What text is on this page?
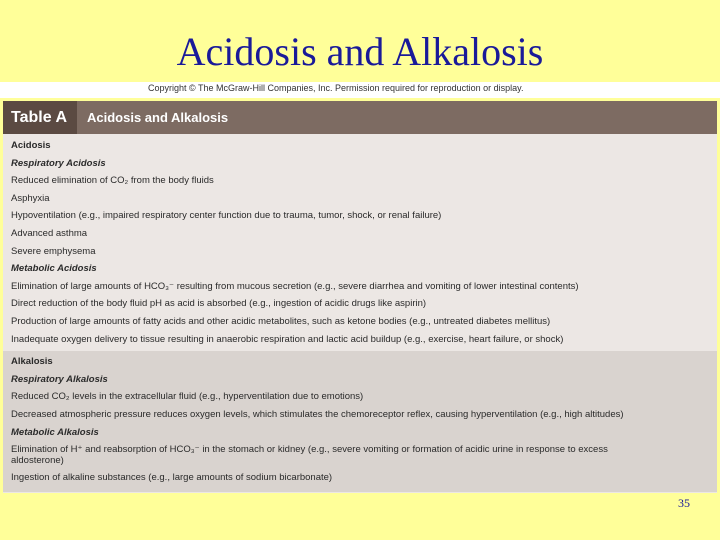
Acidosis and Alkalosis
Copyright © The McGraw-Hill Companies, Inc. Permission required for reproduction or display.
Table A	Acidosis and Alkalosis
Acidosis
Respiratory Acidosis
Reduced elimination of CO₂ from the body fluids
Asphyxia
Hypoventilation (e.g., impaired respiratory center function due to trauma, tumor, shock, or renal failure)
Advanced asthma
Severe emphysema
Metabolic Acidosis
Elimination of large amounts of HCO₃⁻ resulting from mucous secretion (e.g., severe diarrhea and vomiting of lower intestinal contents)
Direct reduction of the body fluid pH as acid is absorbed (e.g., ingestion of acidic drugs like aspirin)
Production of large amounts of fatty acids and other acidic metabolites, such as ketone bodies (e.g., untreated diabetes mellitus)
Inadequate oxygen delivery to tissue resulting in anaerobic respiration and lactic acid buildup (e.g., exercise, heart failure, or shock)
Alkalosis
Respiratory Alkalosis
Reduced CO₂ levels in the extracellular fluid (e.g., hyperventilation due to emotions)
Decreased atmospheric pressure reduces oxygen levels, which stimulates the chemoreceptor reflex, causing hyperventilation (e.g., high altitudes)
Metabolic Alkalosis
Elimination of H⁺ and reabsorption of HCO₃⁻ in the stomach or kidney (e.g., severe vomiting or formation of acidic urine in response to excess aldosterone)
Ingestion of alkaline substances (e.g., large amounts of sodium bicarbonate)
35
